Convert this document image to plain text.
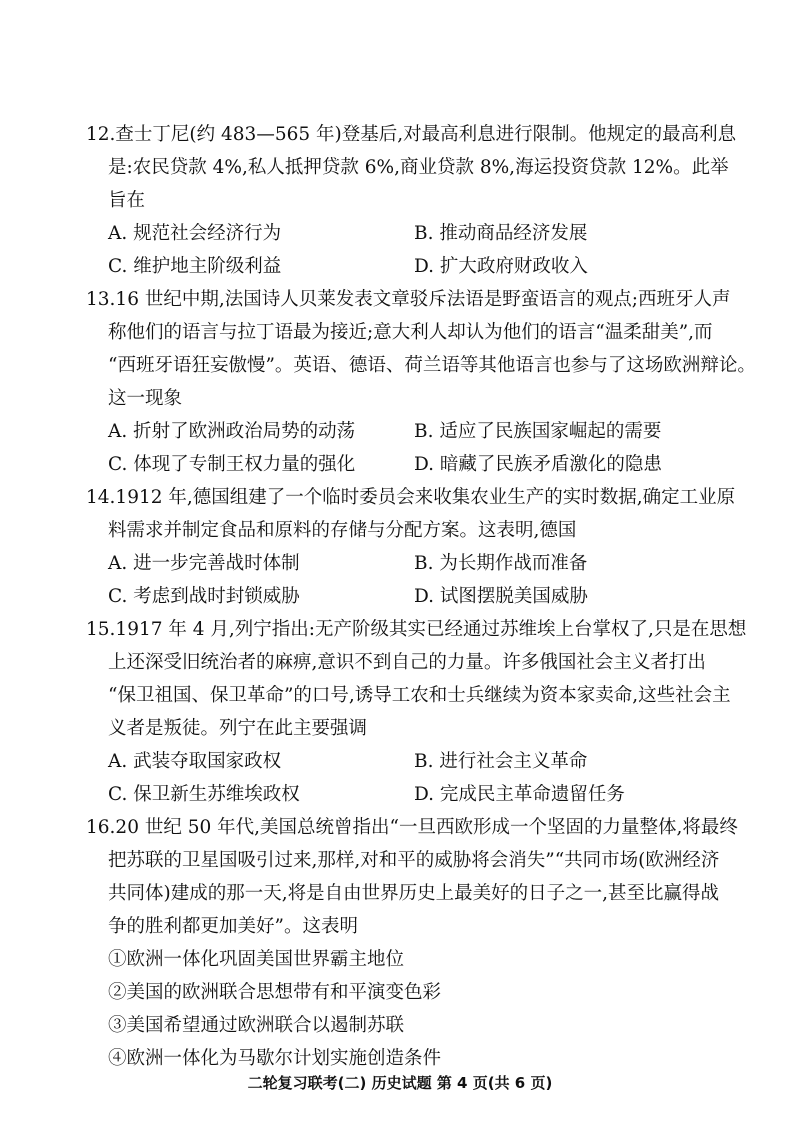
12.查士丁尼(约 483—565 年)登基后,对最高利息进行限制。他规定的最高利息
是:农民贷款 4%,私人抵押贷款 6%,商业贷款 8%,海运投资贷款 12%。此举
旨在
A. 规范社会经济行为	B. 推动商品经济发展
C. 维护地主阶级利益	D. 扩大政府财政收入
13.16 世纪中期,法国诗人贝莱发表文章驳斥法语是野蛮语言的观点;西班牙人声
称他们的语言与拉丁语最为接近;意大利人却认为他们的语言“温柔甜美”,而
“西班牙语狂妄傲慢”。英语、德语、荷兰语等其他语言也参与了这场欧洲辩论。
这一现象
A. 折射了欧洲政治局势的动荡	B. 适应了民族国家崛起的需要
C. 体现了专制王权力量的强化	D. 暗藏了民族矛盾激化的隐患
14.1912 年,德国组建了一个临时委员会来收集农业生产的实时数据,确定工业原
料需求并制定食品和原料的存储与分配方案。这表明,德国
A. 进一步完善战时体制	B. 为长期作战而准备
C. 考虑到战时封锁威胁	D. 试图摆脱美国威胁
15.1917 年 4 月,列宁指出:无产阶级其实已经通过苏维埃上台掌权了,只是在思想
上还深受旧统治者的麻痹,意识不到自己的力量。许多俄国社会主义者打出
“保卫祖国、保卫革命”的口号,诱导工农和士兵继续为资本家卖命,这些社会主
义者是叛徒。列宁在此主要强调
A. 武装夺取国家政权	B. 进行社会主义革命
C. 保卫新生苏维埃政权	D. 完成民主革命遗留任务
16.20 世纪 50 年代,美国总统曾指出“一旦西欧形成一个坚固的力量整体,将最终
把苏联的卫星国吸引过来,那样,对和平的威胁将会消失”“共同市场(欧洲经济
共同体)建成的那一天,将是自由世界历史上最美好的日子之一,甚至比赢得战
争的胜利都更加美好”。这表明
①欧洲一体化巩固美国世界霸主地位
②美国的欧洲联合思想带有和平演变色彩
③美国希望通过欧洲联合以遏制苏联
④欧洲一体化为马歇尔计划实施创造条件
二轮复习联考(二) 历史试题 第 4 页(共 6 页)
